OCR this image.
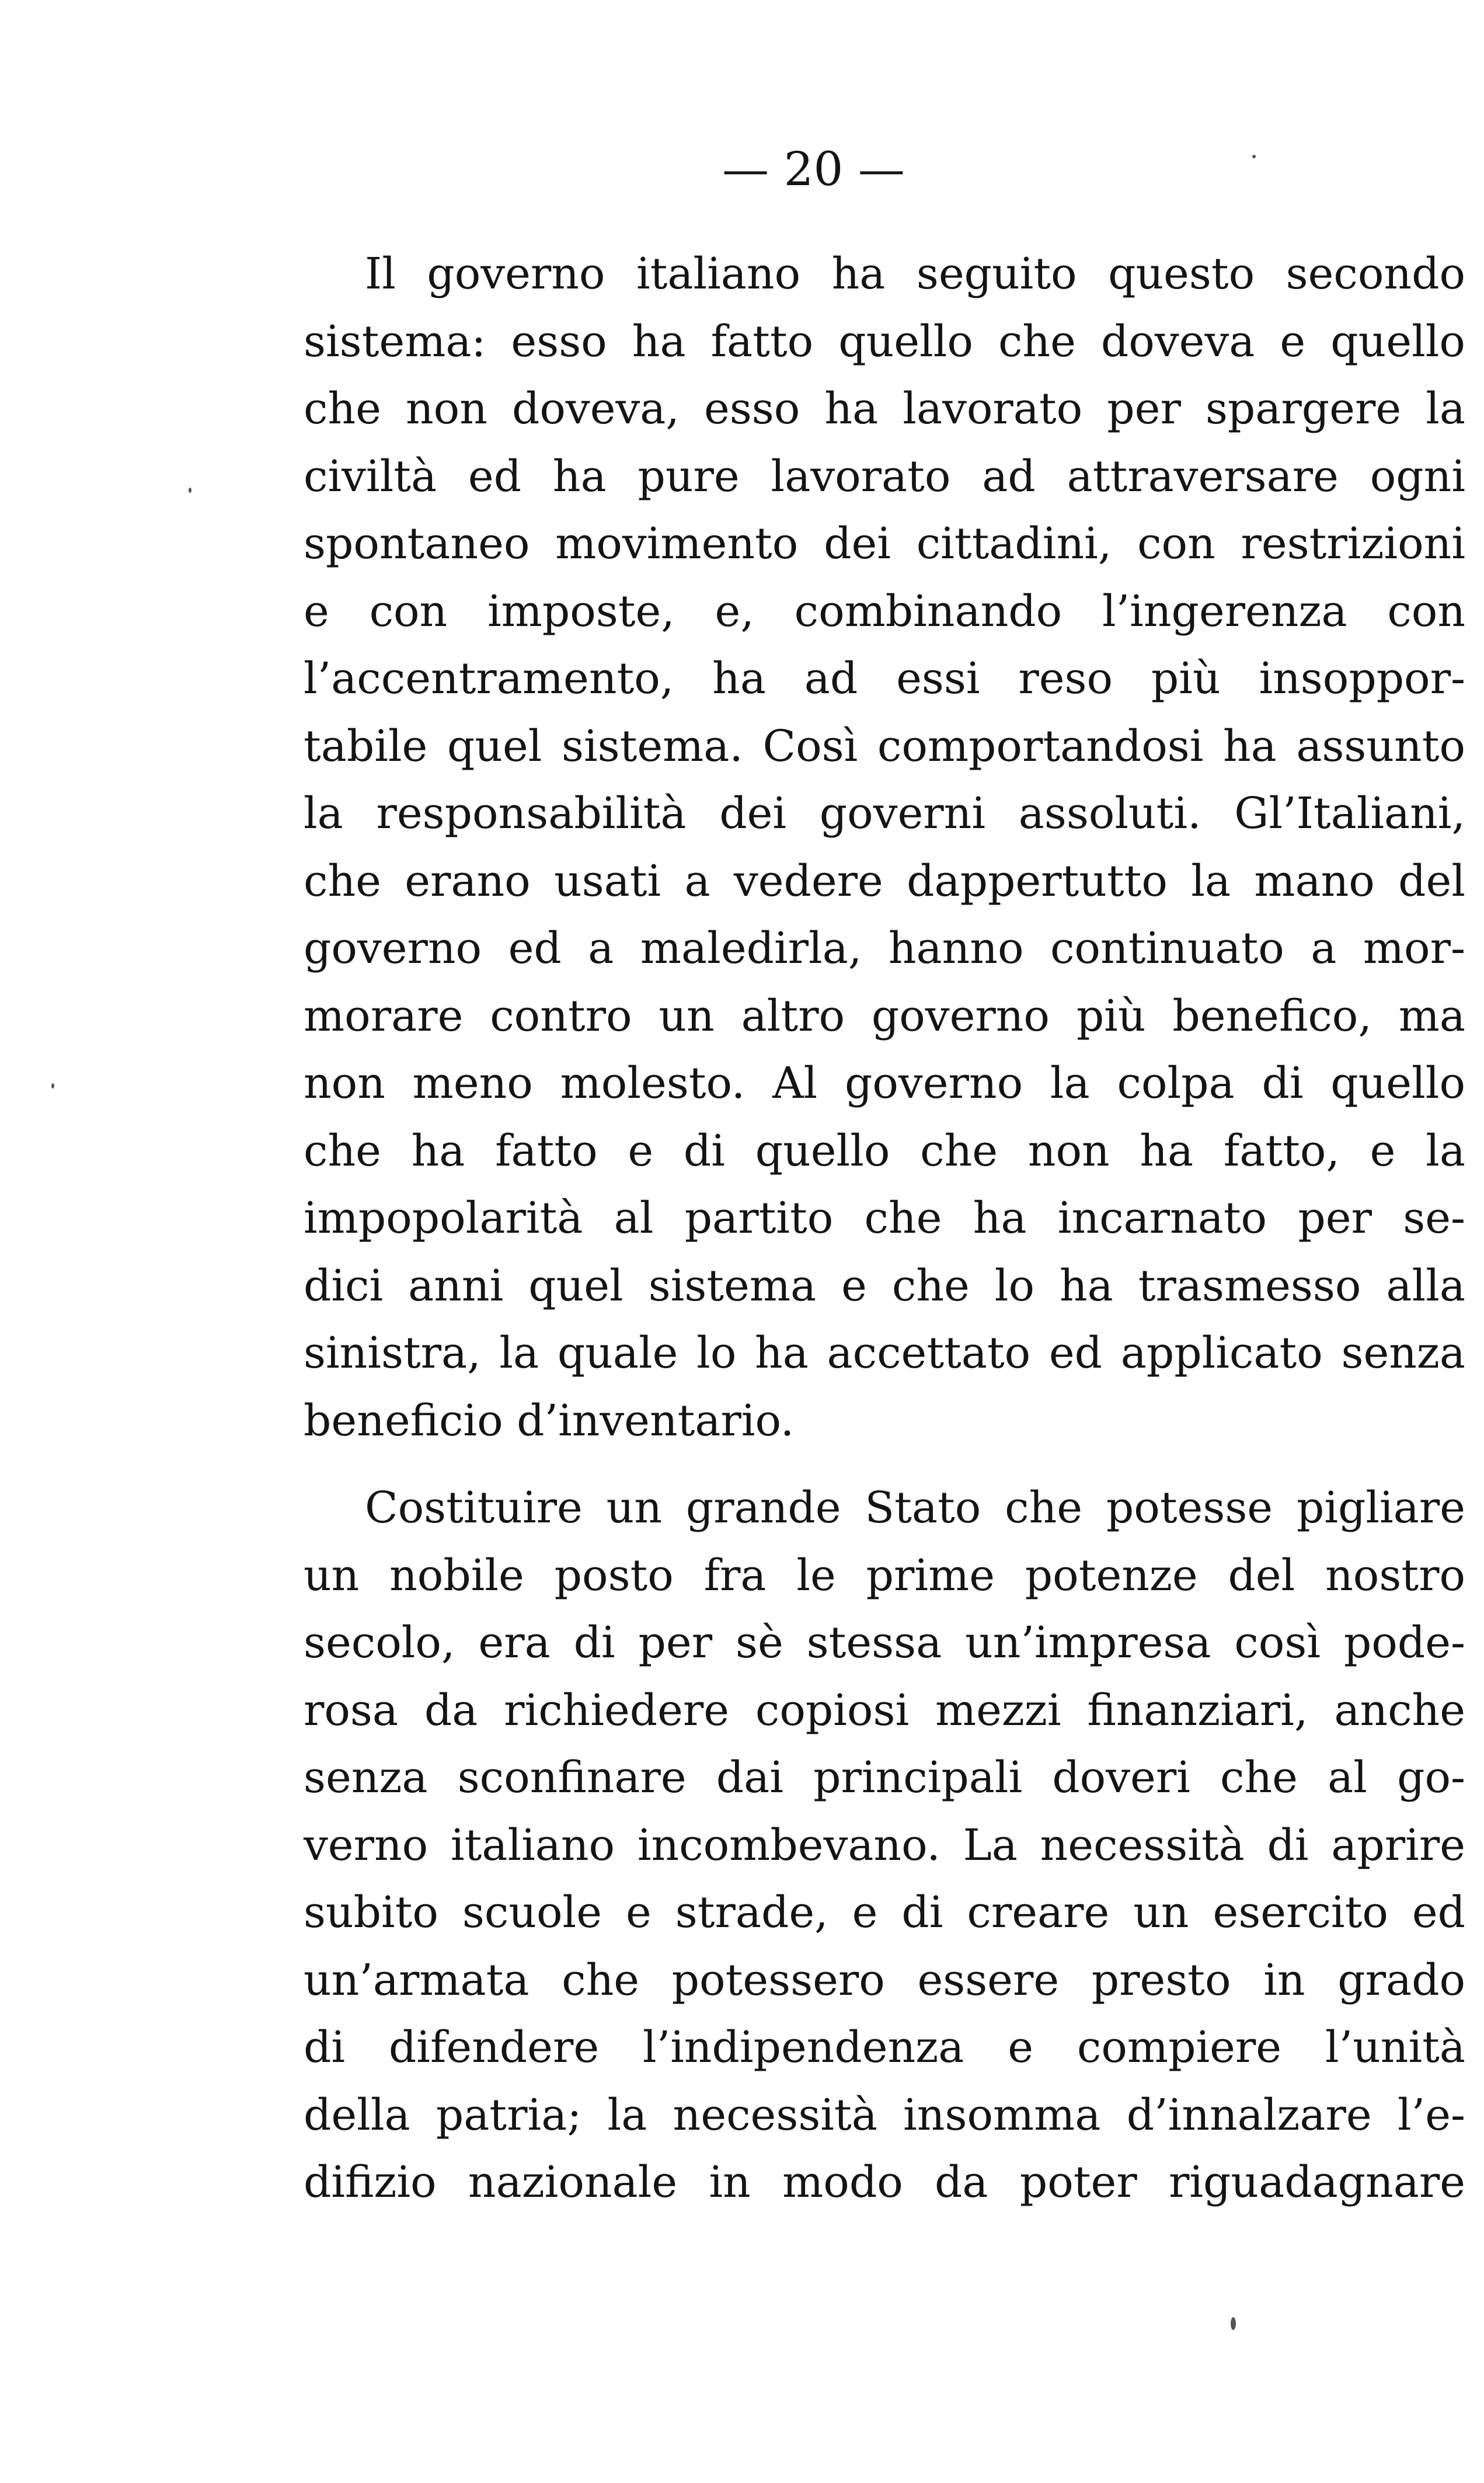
— 20 —
Il governo italiano ha seguito questo secondo
sistema: esso ha fatto quello che doveva e quello
che non doveva, esso ha lavorato per spargere la
civiltà ed ha pure lavorato ad attraversare ogni
spontaneo movimento dei cittadini, con restrizioni
e con imposte, e, combinando l’ingerenza con
l’accentramento, ha ad essi reso più insoppor-
tabile quel sistema. Così comportandosi ha assunto
la responsabilità dei governi assoluti. Gl’Italiani,
che erano usati a vedere dappertutto la mano del
governo ed a maledirla, hanno continuato a mor-
morare contro un altro governo più benefico, ma
non meno molesto. Al governo la colpa di quello
che ha fatto e di quello che non ha fatto, e la
impopolarità al partito che ha incarnato per se-
dici anni quel sistema e che lo ha trasmesso alla
sinistra, la quale lo ha accettato ed applicato senza
beneficio d’inventario.
Costituire un grande Stato che potesse pigliare
un nobile posto fra le prime potenze del nostro
secolo, era di per sè stessa un’impresa così pode-
rosa da richiedere copiosi mezzi finanziari, anche
senza sconfinare dai principali doveri che al go-
verno italiano incombevano. La necessità di aprire
subito scuole e strade, e di creare un esercito ed
un’armata che potessero essere presto in grado
di difendere l’indipendenza e compiere l’unità
della patria; la necessità insomma d’innalzare l’e-
difizio nazionale in modo da poter riguadagnare
